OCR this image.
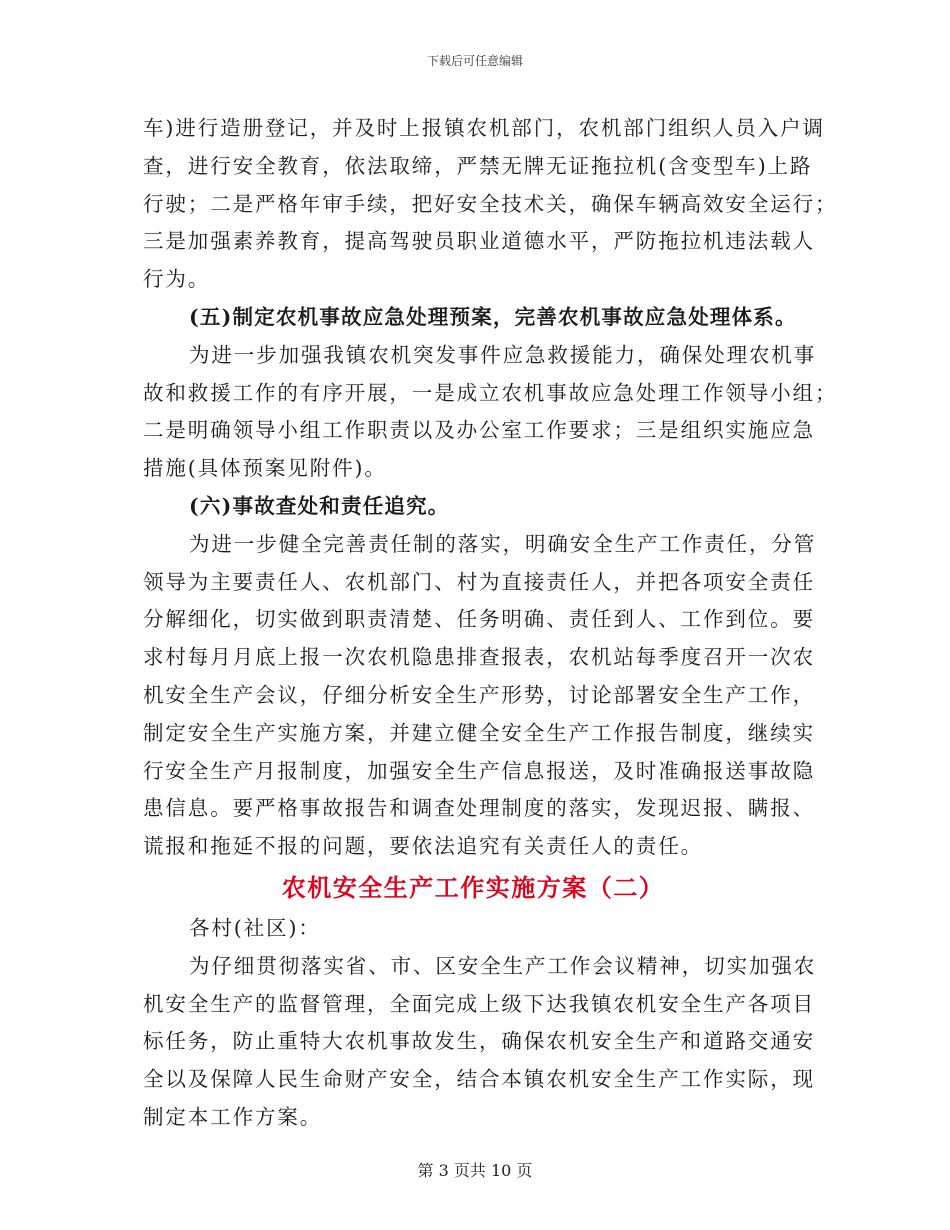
下载后可任意编辑
车)进行造册登记，并及时上报镇农机部门，农机部门组织人员入户调
查，进行安全教育，依法取缔，严禁无牌无证拖拉机(含变型车)上路
行驶；二是严格年审手续，把好安全技术关，确保车辆高效安全运行；
三是加强素养教育，提高驾驶员职业道德水平，严防拖拉机违法载人
行为。
(五)制定农机事故应急处理预案，完善农机事故应急处理体系。
为进一步加强我镇农机突发事件应急救援能力，确保处理农机事
故和救援工作的有序开展，一是成立农机事故应急处理工作领导小组；
二是明确领导小组工作职责以及办公室工作要求；三是组织实施应急
措施(具体预案见附件)。
(六)事故查处和责任追究。
为进一步健全完善责任制的落实，明确安全生产工作责任，分管
领导为主要责任人、农机部门、村为直接责任人，并把各项安全责任
分解细化，切实做到职责清楚、任务明确、责任到人、工作到位。要
求村每月月底上报一次农机隐患排查报表，农机站每季度召开一次农
机安全生产会议，仔细分析安全生产形势，讨论部署安全生产工作，
制定安全生产实施方案，并建立健全安全生产工作报告制度，继续实
行安全生产月报制度，加强安全生产信息报送，及时准确报送事故隐
患信息。要严格事故报告和调查处理制度的落实，发现迟报、瞒报、
谎报和拖延不报的问题，要依法追究有关责任人的责任。
农机安全生产工作实施方案（二）
各村(社区)：
为仔细贯彻落实省、市、区安全生产工作会议精神，切实加强农
机安全生产的监督管理，全面完成上级下达我镇农机安全生产各项目
标任务，防止重特大农机事故发生，确保农机安全生产和道路交通安
全以及保障人民生命财产安全，结合本镇农机安全生产工作实际，现
制定本工作方案。
第 3 页共 10 页
